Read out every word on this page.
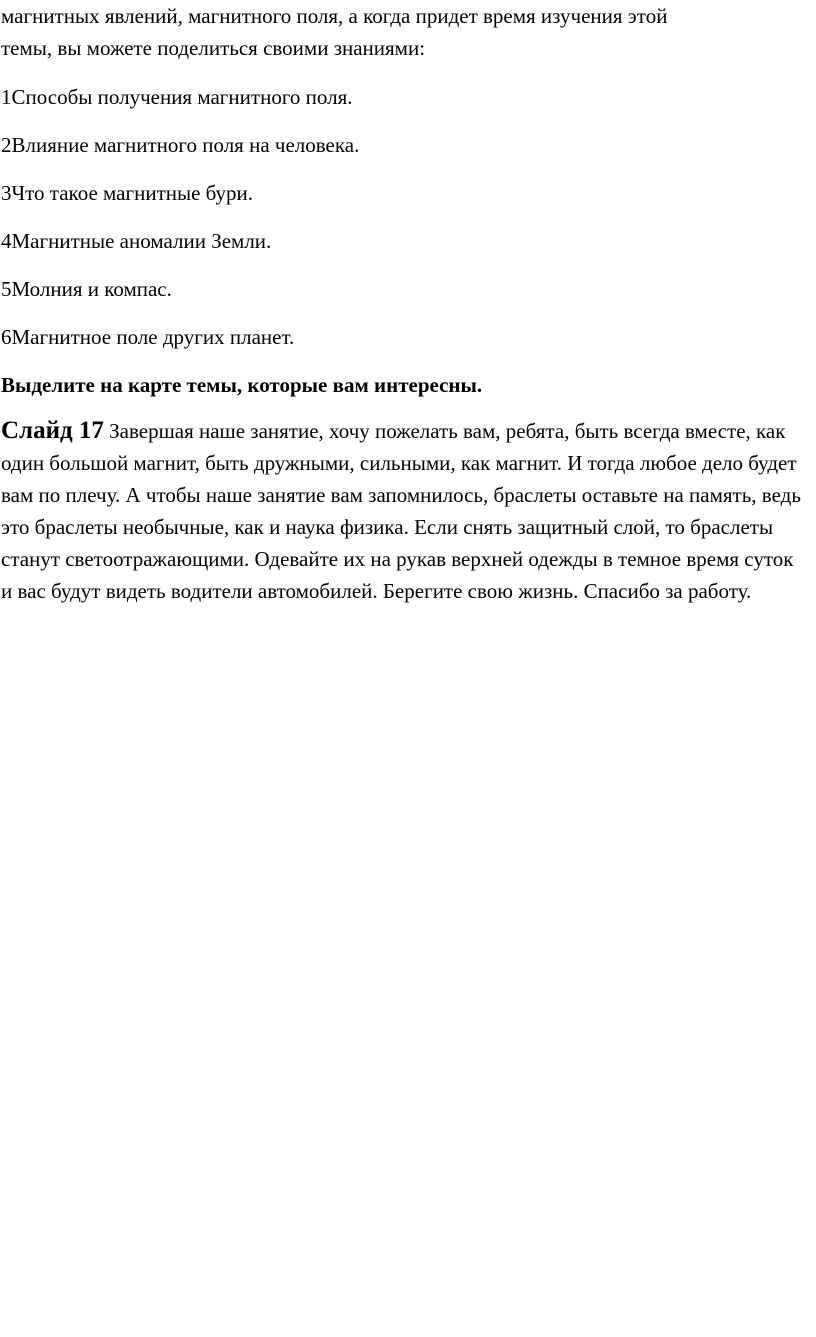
магнитных явлений, магнитного поля, а когда придет время изучения этой
темы, вы можете поделиться своими знаниями:

1Способы получения магнитного поля.
2Влияние магнитного поля на человека.
3Что такое магнитные бури.
4Магнитные аномалии Земли.
5Молния и компас.
6Магнитное поле других планет.

Выделите на карте темы, которые вам интересны.

Слайд 17 Завершая наше занятие, хочу пожелать вам, ребята, быть всегда вместе, как один большой магнит, быть дружными, сильными, как магнит. И тогда любое дело будет вам по плечу. А чтобы наше занятие вам запомнилось, браслеты оставьте на память, ведь это браслеты необычные, как и наука физика. Если снять защитный слой, то браслеты станут светоотражающими. Одевайте их на рукав верхней одежды в темное время суток и вас будут видеть водители автомобилей. Берегите свою жизнь. Спасибо за работу.
